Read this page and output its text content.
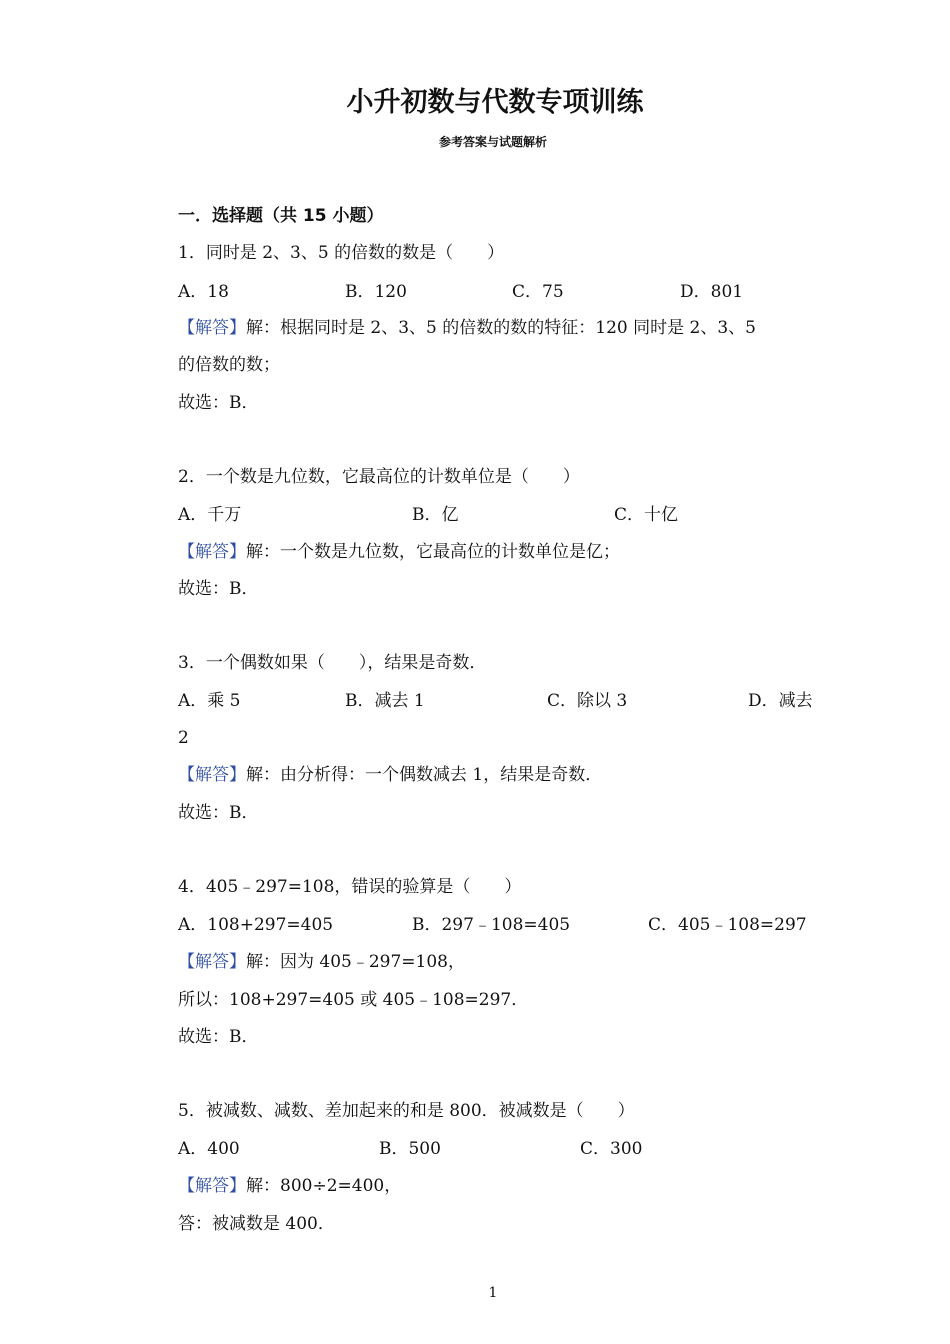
小升初数与代数专项训练
参考答案与试题解析
一．选择题（共 15 小题）
1．同时是 2、3、5 的倍数的数是（　　）
A．18	B．120	C．75	D．801
【解答】解：根据同时是 2、3、5 的倍数的数的特征：120 同时是 2、3、5
的倍数的数；
故选：B．
2．一个数是九位数，它最高位的计数单位是（　　）
A．千万	B．亿	C．十亿
【解答】解：一个数是九位数，它最高位的计数单位是亿；
故选：B．
3．一个偶数如果（　　），结果是奇数．
A．乘 5	B．减去 1	C．除以 3	D．减去
2
【解答】解：由分析得：一个偶数减去 1，结果是奇数．
故选：B．
4．405﹣297=108，错误的验算是（　　）
A．108+297=405	B．297﹣108=405	C．405﹣108=297
【解答】解：因为 405﹣297=108，
所以：108+297=405 或 405﹣108=297．
故选：B．
5．被减数、减数、差加起来的和是 800．被减数是（　　）
A．400	B．500	C．300
【解答】解：800÷2=400，
答：被减数是 400．
1
